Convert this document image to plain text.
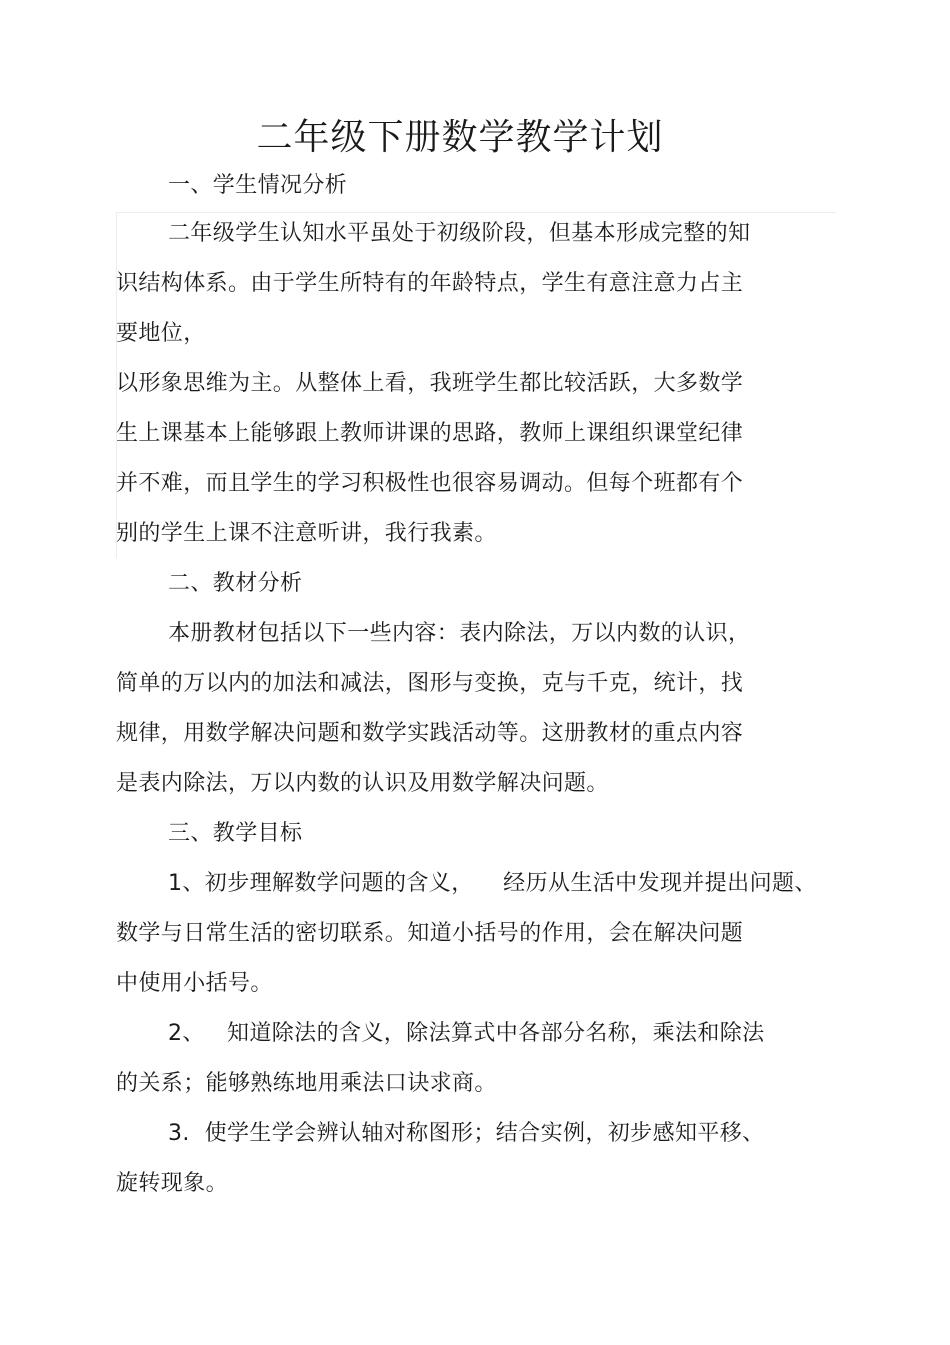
二年级下册数学教学计划
一、学生情况分析
二年级学生认知水平虽处于初级阶段，但基本形成完整的知
识结构体系。由于学生所特有的年龄特点，学生有意注意力占主
要地位，
以形象思维为主。从整体上看，我班学生都比较活跃，大多数学
生上课基本上能够跟上教师讲课的思路，教师上课组织课堂纪律
并不难，而且学生的学习积极性也很容易调动。但每个班都有个
别的学生上课不注意听讲，我行我素。
二、教材分析
本册教材包括以下一些内容：表内除法，万以内数的认识，
简单的万以内的加法和减法，图形与变换，克与千克，统计，找
规律，用数学解决问题和数学实践活动等。这册教材的重点内容
是表内除法，万以内数的认识及用数学解决问题。
三、教学目标
1、初步理解数学问题的含义，    经历从生活中发现并提出问题、
数学与日常生活的密切联系。知道小括号的作用，会在解决问题
中使用小括号。
2、   知道除法的含义，除法算式中各部分名称，乘法和除法
的关系；能够熟练地用乘法口诀求商。
3.  使学生学会辨认轴对称图形；结合实例，初步感知平移、
旋转现象。
